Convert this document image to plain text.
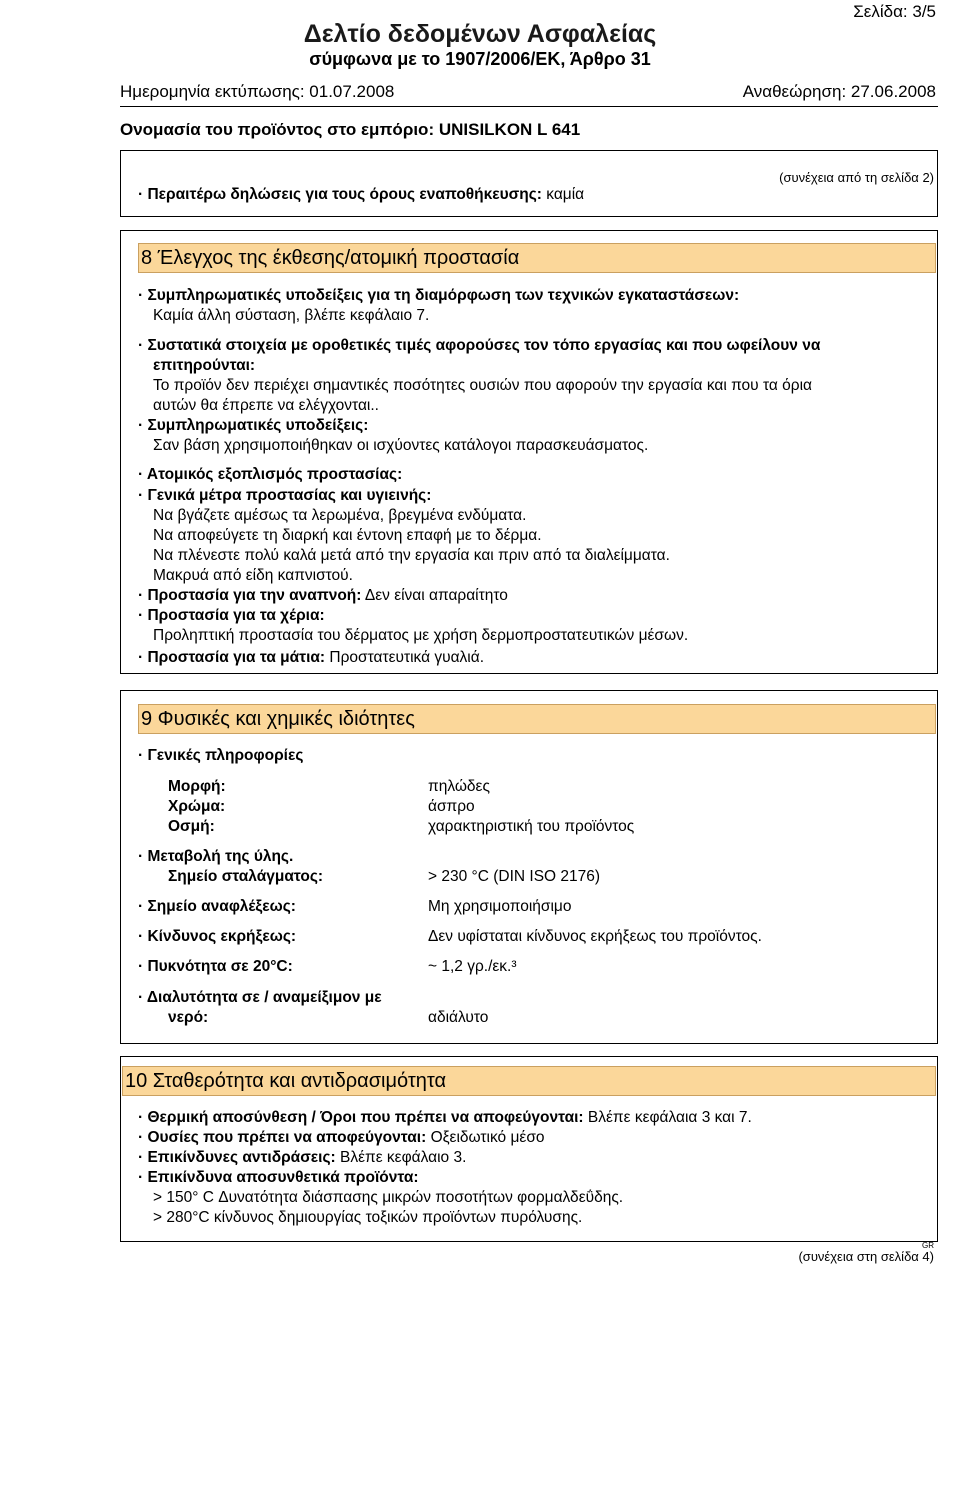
Σελίδα: 3/5
Δελτίο δεδομένων Ασφαλείας
σύμφωνα με το 1907/2006/ΕΚ, Άρθρο 31
Ημερομηνία εκτύπωσης: 01.07.2008	Αναθεώρηση: 27.06.2008
Ονομασία του προϊόντος στο εμπόριο: UNISILKON L 641
(συνέχεια από τη σελίδα 2)
· Περαιτέρω δηλώσεις για τους όρους εναποθήκευσης: καμία
8 Έλεγχος της έκθεσης/ατομική προστασία
· Συμπληρωματικές υποδείξεις για τη διαμόρφωση των τεχνικών εγκαταστάσεων:
Καμία άλλη σύσταση, βλέπε κεφάλαιο 7.
· Συστατικά στοιχεία με οροθετικές τιμές αφορούσες τον τόπο εργασίας και που ωφείλουν να
επιτηρούνται:
Το προϊόν δεν περιέχει σημαντικές ποσότητες ουσιών που αφορούν την εργασία και που τα όρια
αυτών θα έπρεπε να ελέγχονται..
· Συμπληρωματικές υποδείξεις:
Σαν βάση χρησιμοποιήθηκαν οι ισχύοντες κατάλογοι παρασκευάσματος.
· Ατομικός εξοπλισμός προστασίας:
· Γενικά μέτρα προστασίας και υγιεινής:
Να βγάζετε αμέσως τα λερωμένα, βρεγμένα ενδύματα.
Να αποφεύγετε τη διαρκή και έντονη επαφή με το δέρμα.
Να πλένεστε πολύ καλά μετά από την εργασία και πριν από τα διαλείμματα.
Μακρυά από είδη καπνιστού.
· Προστασία για την αναπνοή: Δεν είναι απαραίτητο
· Προστασία για τα χέρια:
Προληπτική προστασία του δέρματος με χρήση δερμοπροστατευτικών μέσων.
· Προστασία για τα μάτια: Προστατευτικά γυαλιά.
9 Φυσικές και χημικές ιδιότητες
· Γενικές πληροφορίες
Μορφή:	πηλώδες
Χρώμα:	άσπρο
Οσμή:	χαρακτηριστική του προϊόντος
· Μεταβολή της ύλης.
Σημείο σταλάγματος:	> 230 °C (DIN ISO 2176)
· Σημείο αναφλέξεως:	Μη χρησιμοποιήσιμο
· Κίνδυνος εκρήξεως:	Δεν υφίσταται κίνδυνος εκρήξεως του προϊόντος.
· Πυκνότητα σε 20°C:	~ 1,2 γρ./εκ.³
· Διαλυτότητα σε / αναμείξιμον με
νερό:	αδιάλυτο
10 Σταθερότητα και αντιδρασιμότητα
· Θερμική αποσύνθεση / Όροι που πρέπει να αποφεύγονται: Βλέπε κεφάλαια 3 και 7.
· Ουσίες που πρέπει να αποφεύγονται: Οξειδωτικό μέσο
· Επικίνδυνες αντιδράσεις: Βλέπε κεφάλαιο 3.
· Επικίνδυνα αποσυνθετικά προϊόντα:
> 150° C Δυνατότητα διάσπασης μικρών ποσοτήτων φορμαλδεΰδης.
> 280°C κίνδυνος δημιουργίας τοξικών προϊόντων πυρόλυσης.
GR
(συνέχεια στη σελίδα 4)
